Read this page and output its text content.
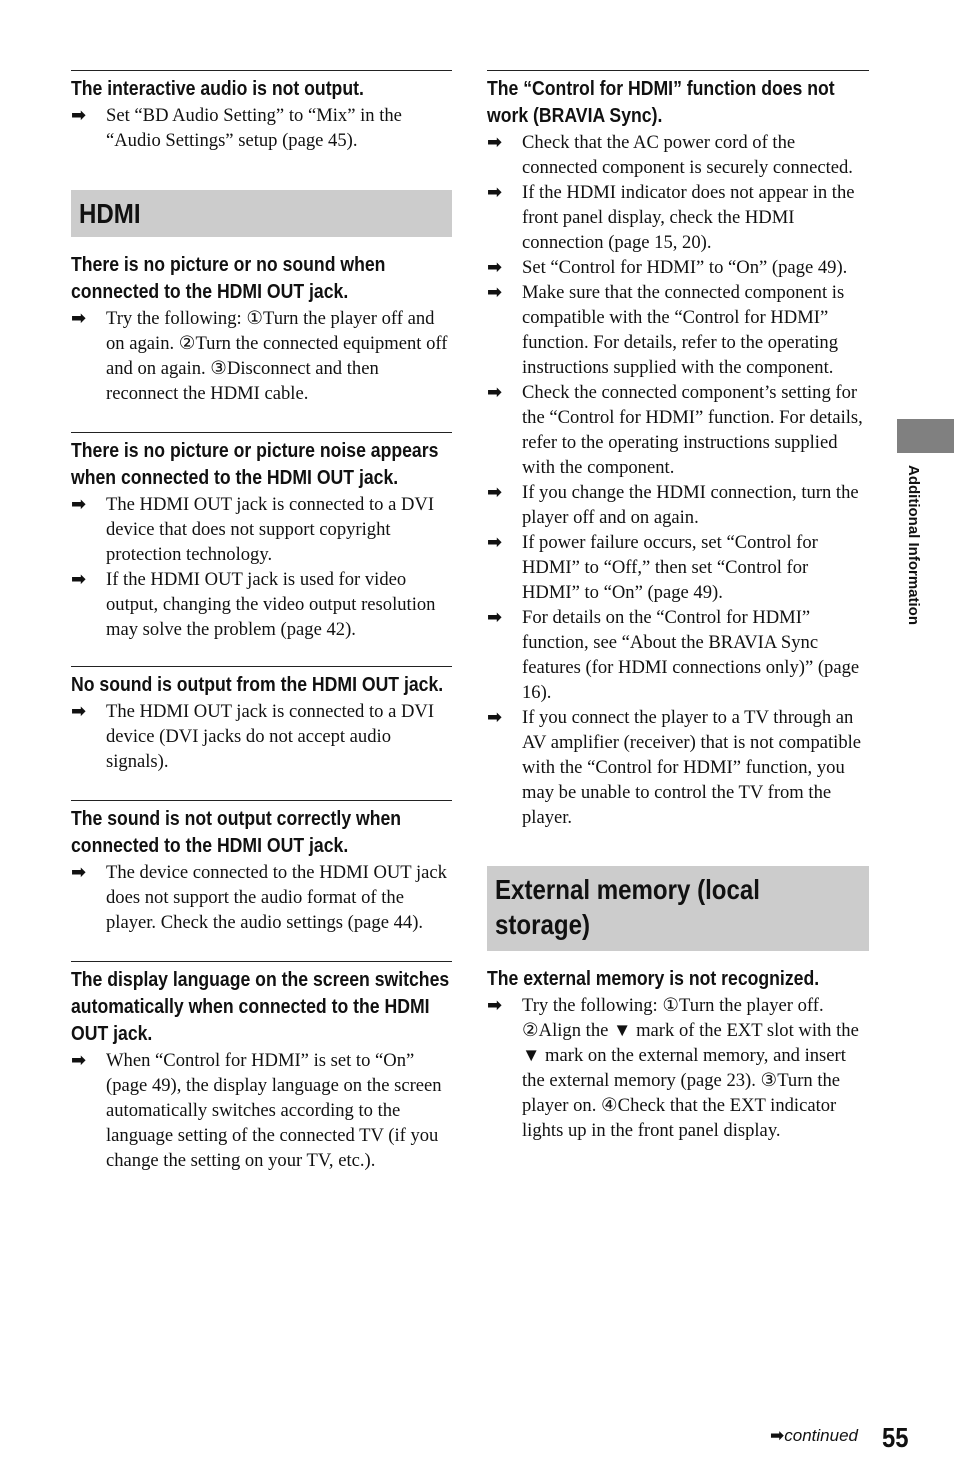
The interactive audio is not output.

➡ Set “BD Audio Setting” to “Mix” in the “Audio Settings” setup (page 45).

HDMI
There is no picture or no sound when connected to the HDMI OUT jack.

➡ Try the following: ①Turn the player off and on again. ②Turn the connected equipment off and on again. ③Disconnect and then reconnect the HDMI cable.

There is no picture or picture noise appears when connected to the HDMI OUT jack.

➡ The HDMI OUT jack is connected to a DVI device that does not support copyright protection technology.

➡ If the HDMI OUT jack is used for video output, changing the video output resolution may solve the problem (page 42).

No sound is output from the HDMI OUT jack.

➡ The HDMI OUT jack is connected to a DVI device (DVI jacks do not accept audio signals).

The sound is not output correctly when connected to the HDMI OUT jack.

➡ The device connected to the HDMI OUT jack does not support the audio format of the player. Check the audio settings (page 44).

The display language on the screen switches automatically when connected to the HDMI OUT jack.

➡ When “Control for HDMI” is set to “On” (page 49), the display language on the screen automatically switches according to the language setting of the connected TV (if you change the setting on your TV, etc.).

The “Control for HDMI” function does not work (BRAVIA Sync).

➡ Check that the AC power cord of the connected component is securely connected.

➡ If the HDMI indicator does not appear in the front panel display, check the HDMI connection (page 15, 20).

➡ Set “Control for HDMI” to “On” (page 49).

➡ Make sure that the connected component is compatible with the “Control for HDMI” function. For details, refer to the operating instructions supplied with the component.

➡ Check the connected component’s setting for the “Control for HDMI” function. For details, refer to the operating instructions supplied with the component.

➡ If you change the HDMI connection, turn the player off and on again.

➡ If power failure occurs, set “Control for HDMI” to “Off,” then set “Control for HDMI” to “On” (page 49).

➡ For details on the “Control for HDMI” function, see “About the BRAVIA Sync features (for HDMI connections only)” (page 16).

➡ If you connect the player to a TV through an AV amplifier (receiver) that is not compatible with the “Control for HDMI” function, you may be unable to control the TV from the player.

External memory (local storage)
The external memory is not recognized.

➡ Try the following: ①Turn the player off. ②Align the ▼ mark of the EXT slot with the ▼ mark on the external memory, and insert the external memory (page 23). ③Turn the player on. ④Check that the EXT indicator lights up in the front panel display.

Additional Information
➡continued 55
